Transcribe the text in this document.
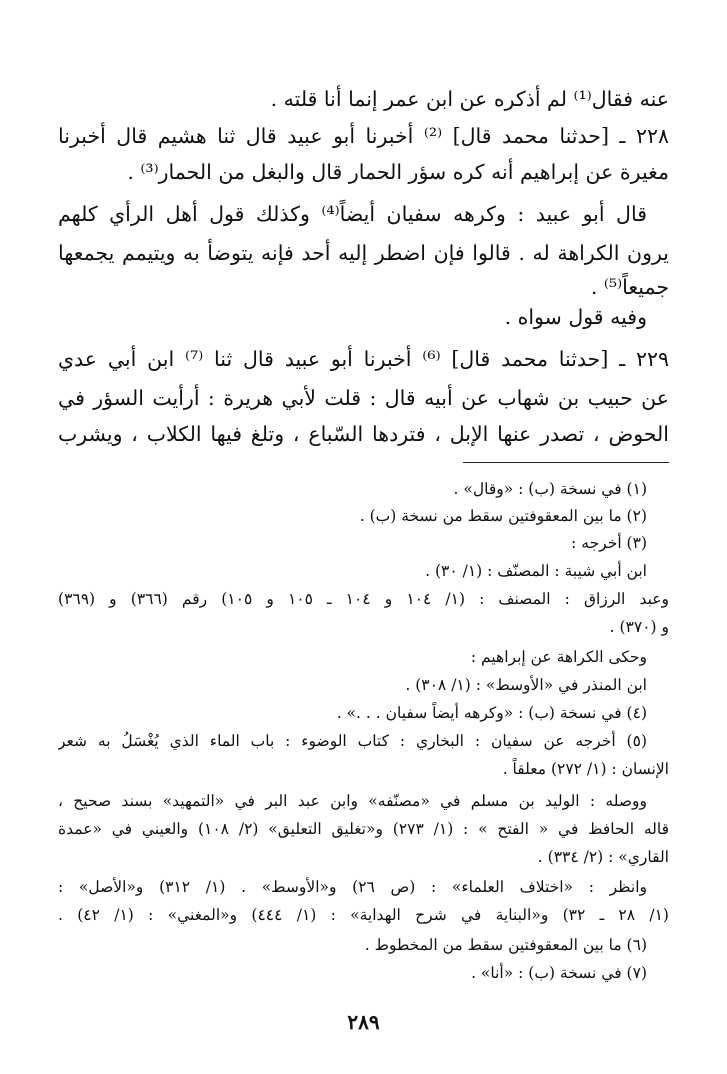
عنه فقال⁽¹⁾ لم أذكره عن ابن عمر إنما أنا قلته .
٢٢٨ ـ [حدثنا محمد قال] ⁽²⁾ أخبرنا أبو عبيد قال ثنا هشيم قال أخبرنا
مغيرة عن إبراهيم أنه كره سؤر الحمار قال والبغل من الحمار⁽³⁾ .
قال أبو عبيد : وكرهه سفيان أيضاً⁽⁴⁾ وكذلك قول أهل الرأي كلهم
يرون الكراهة له . قالوا فإن اضطر إليه أحد فإنه يتوضأ به ويتيمم يجمعها
جميعاً⁽⁵⁾ .
وفيه قول سواه .
٢٢٩ ـ [حدثنا محمد قال] ⁽⁶⁾ أخبرنا أبو عبيد قال ثنا ⁽⁷⁾ ابن أبي عدي
عن حبيب بن شهاب عن أبيه قال : قلت لأبي هريرة : أرأيت السؤر في
الحوض ، تصدر عنها الإبل ، فتردها السّباع ، وتلغ فيها الكلاب ، ويشرب
(١) في نسخة (ب) : «وقال» .
(٢) ما بين المعقوفتين سقط من نسخة (ب) .
(٣) أخرجه :
ابن أبي شيبة : المصنّف : (١/ ٣٠) .
وعبد الرزاق : المصنف : (١/ ١٠٤ و ١٠٤ ـ ١٠٥ و ١٠٥) رقم (٣٦٦) و (٣٦٩)
و (٣٧٠) .
وحكى الكراهة عن إبراهيم :
ابن المنذر في «الأوسط» : (١/ ٣٠٨) .
(٤) في نسخة (ب) : «وكرهه أيضاً سفيان . . .» .
(٥) أخرجه عن سفيان : البخاري : كتاب الوضوء : باب الماء الذي يُغْسَلُ به شعر
الإنسان : (١/ ٢٧٢) معلقاً .
ووصله : الوليد بن مسلم في «مصنّفه» وابن عبد البر في «التمهيد» بسند صحيح ،
قاله الحافظ في « الفتح » : (١/ ٢٧٣) و«تغليق التعليق» (٢/ ١٠٨) والعيني في «عمدة
القاري» : (٢/ ٣٣٤) .
وانظر : «اختلاف العلماء» : (ص ٢٦) و«الأوسط» . (١/ ٣١٢) و«الأصل» :
(١/ ٢٨ ـ ٣٢) و«البناية في شرح الهداية» : (١/ ٤٤٤) و«المغني» : (١/ ٤٢) .
(٦) ما بين المعقوفتين سقط من المخطوط .
(٧) في نسخة (ب) : «أنا» .
٢٨٩
